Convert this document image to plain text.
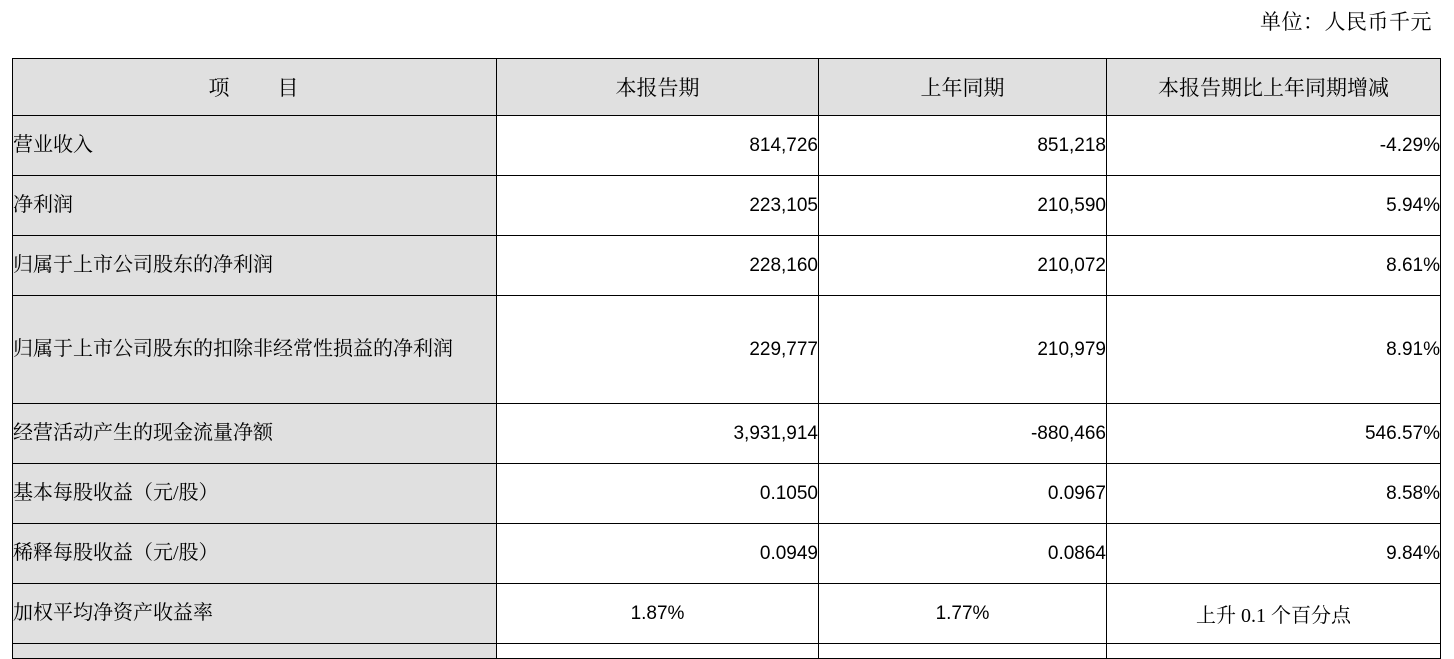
单位：人民币千元
项　　目	本报告期	上年同期	本报告期比上年同期增减
营业收入	814,726	851,218	-4.29%
净利润	223,105	210,590	5.94%
归属于上市公司股东的净利润	228,160	210,072	8.61%
归属于上市公司股东的扣除非经常性损益的净利润	229,777	210,979	8.91%
经营活动产生的现金流量净额	3,931,914	-880,466	546.57%
基本每股收益（元/股）	0.1050	0.0967	8.58%
稀释每股收益（元/股）	0.0949	0.0864	9.84%
加权平均净资产收益率	1.87%	1.77%	上升 0.1 个百分点
